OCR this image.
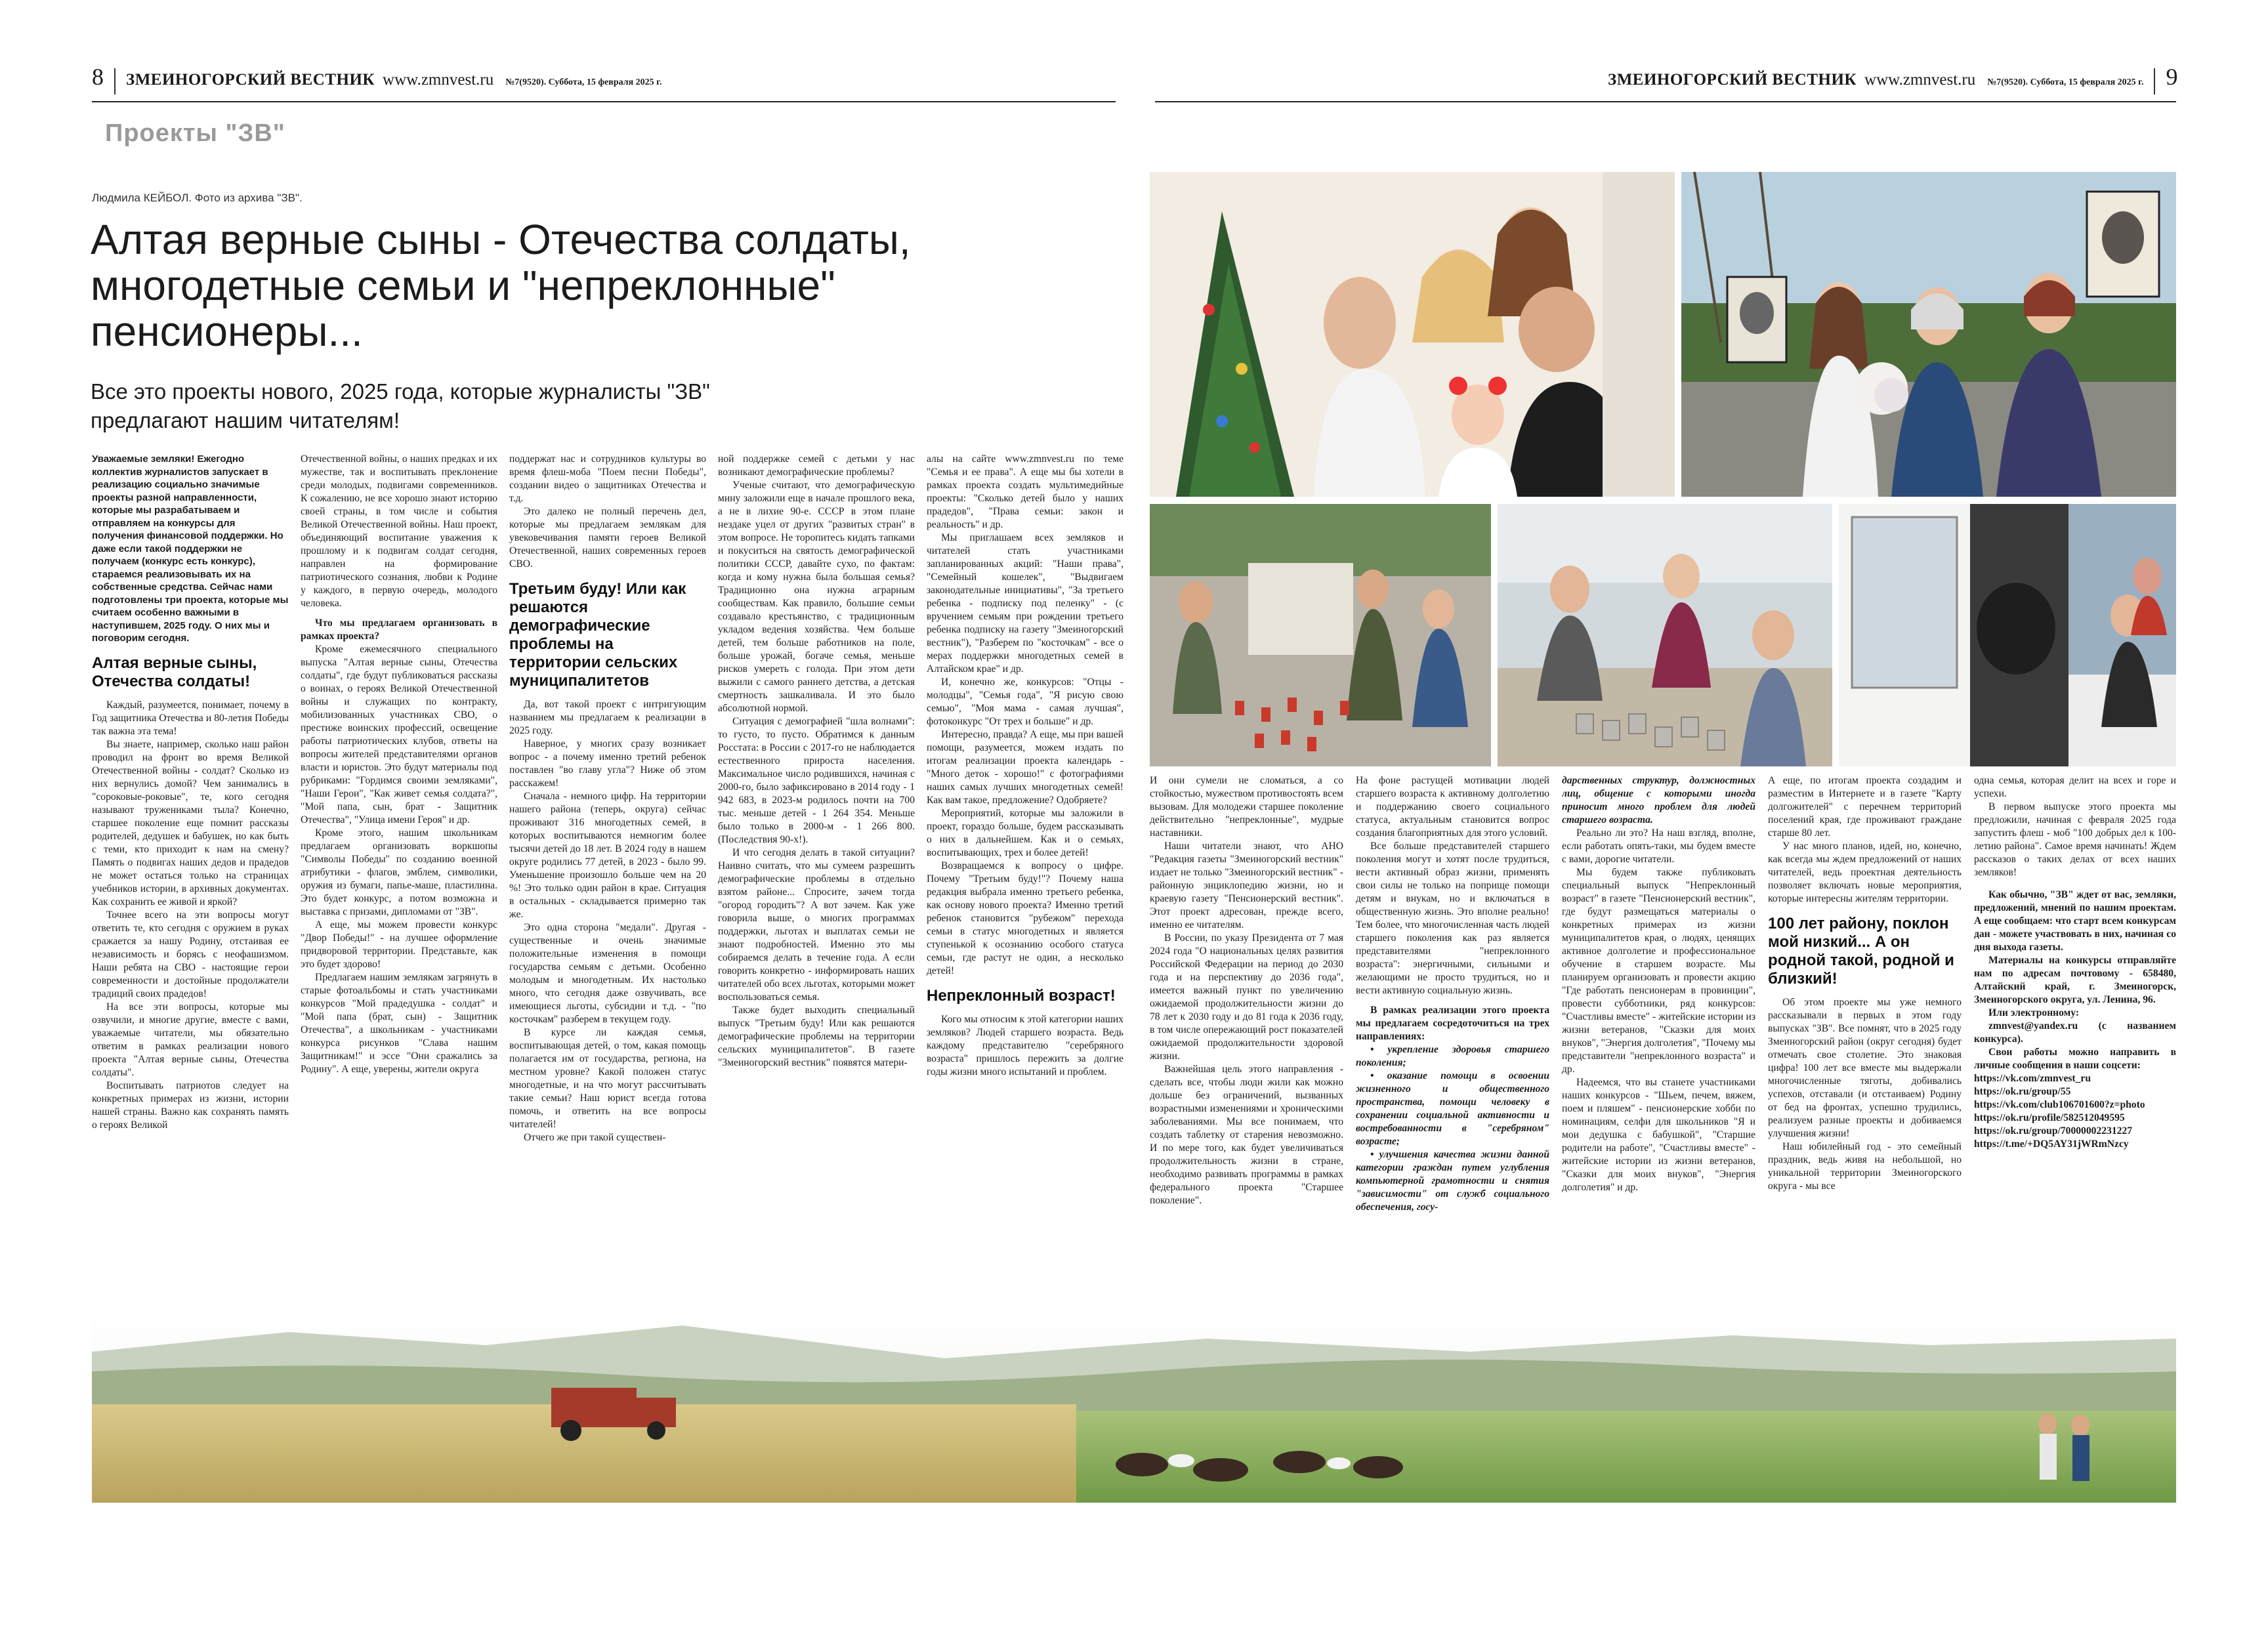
8 ЗМЕИНОГОРСКИЙ ВЕСТНИК www.zmnvest.ru №7(9520). Суббота, 15 февраля 2025 г.	ЗМЕИНОГОРСКИЙ ВЕСТНИК www.zmnvest.ru №7(9520). Суббота, 15 февраля 2025 г. 9
Проекты "ЗВ"
Людмила КЕЙБОЛ. Фото из архива "ЗВ".
Алтая верные сыны - Отечества солдаты, многодетные семьи и "непреклонные" пенсионеры...
Все это проекты нового, 2025 года, которые журналисты "ЗВ" предлагают нашим читателям!

Уважаемые земляки! Ежегодно коллектив журналистов запускает в реализацию социально значимые проекты разной направленности, которые мы разрабатываем и отправляем на конкурсы для получения финансовой поддержки. Но даже если такой поддержки не получаем (конкурс есть конкурс), стараемся реализовывать их на собственные средства. Сейчас нами подготовлены три проекта, которые мы считаем особенно важными в наступившем, 2025 году. О них мы и поговорим сегодня.

Алтая верные сыны, Отечества солдаты!

Каждый, разумеется, понимает, почему в Год защитника Отечества и 80-летия Победы так важна эта тема!

Вы знаете, например, сколько наш район проводил на фронт во время Великой Отечественной войны - солдат? Сколько из них вернулись домой? Чем занимались в "сороковые-роковые", те, кого сегодня называют тружениками тыла? Конечно, старшее поколение еще помнит рассказы родителей, дедушек и бабушек, но как быть с теми, кто приходит к нам на смену? Память о подвигах наших дедов и прадедов не может остаться только на страницах учебников истории, в архивных документах. Как сохранить ее живой и яркой?

Точнее всего на эти вопросы могут ответить те, кто сегодня с оружием в руках сражается за нашу Родину, отстаивая ее независимость и борясь с неофашизмом. Наши ребята на СВО - настоящие герои современности и достойные продолжатели традиций своих прадедов!

На все эти вопросы, которые мы озвучили, и многие другие, вместе с вами, уважаемые читатели, мы обязательно ответим в рамках реализации нового проекта "Алтая верные сыны, Отечества солдаты".

Воспитывать патриотов следует на конкретных примерах из жизни, истории нашей страны. Важно как сохранять память о героях Великой

Отечественной войны, о наших предках и их мужестве, так и воспитывать преклонение среди молодых, подвигами современников. К сожалению, не все хорошо знают историю своей страны, в том числе и события Великой Отечественной войны. Наш проект, объединяющий воспитание уважения к прошлому и к подвигам солдат сегодня, направлен на формирование патриотического сознания, любви к Родине у каждого, в первую очередь, молодого человека.

Что мы предлагаем организовать в рамках проекта?

Кроме ежемесячного специального выпуска "Алтая верные сыны, Отечества солдаты", где будут публиковаться рассказы о воинах, о героях Великой Отечественной войны и служащих по контракту, мобилизованных участниках СВО, о престиже воинских профессий, освещение работы патриотических клубов, ответы на вопросы жителей представителями органов власти и юристов. Это будут материалы под рубриками: "Гордимся своими земляками", "Наши Герои", "Как живет семья солдата?", "Мой папа, сын, брат - Защитник Отечества", "Улица имени Героя" и др.

Кроме этого, нашим школьникам предлагаем организовать воркшопы "Символы Победы" по созданию военной атрибутики - флагов, эмблем, символики, оружия из бумаги, папье-маше, пластилина. Это будет конкурс, а потом возможна и выставка с призами, дипломами от "ЗВ".

А еще, мы можем провести конкурс "Двор Победы!" - на лучшее оформление придворовой территории. Представьте, как это будет здорово!

Предлагаем нашим землякам загрянуть в старые фотоальбомы и стать участниками конкурсов "Мой прадедушка - солдат" и "Мой папа (брат, сын) - Защитник Отечества", а школьникам - участниками конкурса рисунков "Слава нашим Защитникам!" и эссе "Они сражались за Родину". А еще, уверены, жители округа

поддержат нас и сотрудников культуры во время флеш-моба "Поем песни Победы", создании видео о защитниках Отечества и т.д.

Это далеко не полный перечень дел, которые мы предлагаем землякам для увековечивания памяти героев Великой Отечественной, наших современных героев СВО.

Третьим буду! Или как решаются демографические проблемы на территории сельских муниципалитетов

Да, вот такой проект с интригующим названием мы предлагаем к реализации в 2025 году.

Наверное, у многих сразу возникает вопрос - а почему именно третий ребенок поставлен "во главу угла"? Ниже об этом расскажем!

Сначала - немного цифр. На территории нашего района (теперь, округа) сейчас проживают 316 многодетных семей, в которых воспитываются немногим более тысячи детей до 18 лет. В 2024 году в нашем округе родились 77 детей, в 2023 - было 99. Уменьшение произошло больше чем на 20 %! Это только один район в крае. Ситуация в остальных - складывается примерно так же.

Это одна сторона "медали". Другая - существенные и очень значимые положительные изменения в помощи государства семьям с детьми. Особенно молодым и многодетным. Их настолько много, что сегодня даже озвучивать, все имеющиеся льготы, субсидии и т.д. - "по косточкам" разберем в текущем году.

В курсе ли каждая семья, воспитывающая детей, о том, какая помощь полагается им от государства, региона, на местном уровне? Какой положен статус многодетные, и на что могут рассчитывать такие семьи? Наш юрист всегда готова помочь, и ответить на все вопросы читателей!

Отчего же при такой существен-

ной поддержке семей с детьми у нас возникают демографические проблемы?

Ученые считают, что демографическую мину заложили еще в начале прошлого века, а не в лихие 90-е. СССР в этом плане нездаке уцел от других "развитых стран" в этом вопросе. Не торопитесь кидать тапками и покуситься на святость демографической политики СССР, давайте сухо, по фактам: когда и кому нужна была большая семья? Традиционно она нужна аграрным сообществам. Как правило, большие семьи создавало крестьянство, с традиционным укладом ведения хозяйства. Чем больше детей, тем больше работников на поле, больше урожай, богаче семья, меньше рисков умереть с голода. При этом дети выжили с самого раннего детства, а детская смертность зашкаливала. И это было абсолютной нормой.

Ситуация с демографией "шла волнами": то густо, то пусто. Обратимся к данным Росстата: в России с 2017-го не наблюдается естественного прироста населения. Максимальное число родившихся, начиная с 2000-го, было зафиксировано в 2014 году - 1 942 683, в 2023-м родилось почти на 700 тыс. меньше детей - 1 264 354. Меньше было только в 2000-м - 1 266 800. (Последствия 90-х!).

И что сегодня делать в такой ситуации? Наивно считать, что мы сумеем разрешить демографические проблемы в отдельно взятом районе... Спросите, зачем тогда "огород городить"? А вот зачем. Как уже говорила выше, о многих программах поддержки, льготах и выплатах семьи не знают подробностей. Именно это мы собираемся делать в течение года. А если говорить конкретно - информировать наших читателей обо всех льготах, которыми может воспользоваться семья.

Также будет выходить специальный выпуск "Третьим буду! Или как решаются демографические проблемы на территории сельских муниципалитетов". В газете "Змеиногорский вестник" появятся матери-

алы на сайте www.zmnvest.ru по теме "Семья и ее права". А еще мы бы хотели в рамках проекта создать мультимедийные проекты: "Сколько детей было у наших прадедов", "Права семьи: закон и реальность" и др.

Мы приглашаем всех земляков и читателей стать участниками запланированных акций: "Наши права", "Семейный кошелек", "Выдвигаем законодательные инициативы", "За третьего ребенка - подписку под пеленку" - (с вручением семьям при рождении третьего ребенка подписку на газету "Змеиногорский вестник"), "Разберем по "косточкам" - все о мерах поддержки многодетных семей в Алтайском крае" и др.

И, конечно же, конкурсов: "Отцы - молодцы", "Семья года", "Я рисую свою семью", "Моя мама - самая лучшая", фотоконкурс "От трех и больше" и др.

Интересно, правда? А еще, мы при вашей помощи, разумеется, можем издать по итогам реализации проекта календарь - "Много деток - хорошо!" с фотографиями наших самых лучших многодетных семей! Как вам такое, предложение? Одобряете?

Мероприятий, которые мы заложили в проект, гораздо больше, будем рассказывать о них в дальнейшем. Как и о семьях, воспитывающих, трех и более детей!

Возвращаемся к вопросу о цифре. Почему "Третьим буду!"? Почему наша редакция выбрала именно третьего ребенка, как основу нового проекта? Именно третий ребенок становится "рубежом" перехода семьи в статус многодетных и является ступенькой к осознанию особого статуса семьи, где растут не один, а несколько детей!

Непреклонный возраст!

Кого мы относим к этой категории наших земляков? Людей старшего возраста. Ведь каждому представителю "серебряного возраста" пришлось пережить за долгие годы жизни много испытаний и проблем.

И они сумели не сломаться, а со стойкостью, мужеством противостоять всем вызовам. Для молодежи старшее поколение действительно "непреклонные", мудрые наставники.

Наши читатели знают, что АНО "Редакция газеты "Змеиногорский вестник" издает не только "Змеиногорский вестник" - районную энциклопедию жизни, но и краевую газету "Пенсионерский вестник". Этот проект адресован, прежде всего, именно ее читателям.

В России, по указу Президента от 7 мая 2024 года "О национальных целях развития Российской Федерации на период до 2030 года и на перспективу до 2036 года", имеется важный пункт по увеличению ожидаемой продолжительности жизни до 78 лет к 2030 году и до 81 года к 2036 году, в том числе опережающий рост показателей ожидаемой продолжительности здоровой жизни.

Важнейшая цель этого направления - сделать все, чтобы люди жили как можно дольше без ограничений, вызванных возрастными изменениями и хроническими заболеваниями. Мы все понимаем, что создать таблетку от старения невозможно. И по мере того, как будет увеличиваться продолжительность жизни в стране, необходимо развивать программы в рамках федерального проекта "Старшее поколение".

На фоне растущей мотивации людей старшего возраста к активному долголетию и поддержанию своего социального статуса, актуальным становится вопрос создания благоприятных для этого условий.

Все больше представителей старшего поколения могут и хотят после трудиться, вести активный образ жизни, применять свои силы не только на поприще помощи детям и внукам, но и включаться в общественную жизнь. Это вполне реально! Тем более, что многочисленная часть людей старшего поколения как раз является представителями "непреклонного возраста": энергичными, сильными и желающими не просто трудиться, но и вести активную социальную жизнь.

В рамках реализации этого проекта мы предлагаем сосредоточиться на трех направлениях:

• укрепление здоровья старшего поколения;

• оказание помощи в освоении жизненного и общественного пространства, помощи человеку в сохранении социальной активности и востребованности в "серебряном" возрасте;

• улучшения качества жизни данной категории граждан путем углубления компьютерной грамотности и снятия "зависимости" от служб социального обеспечения, госу-

дарственных структур, должностных лиц, общение с которыми иногда приносит много проблем для людей старшего возраста.

Реально ли это? На наш взгляд, вполне, если работать опять-таки, мы будем вместе с вами, дорогие читатели.

Мы будем также публиковать специальный выпуск "Непреклонный возраст" в газете "Пенсионерский вестник", где будут размещаться материалы о конкретных примерах из жизни муниципалитетов края, о людях, ценящих активное долголетие и профессиональное обучение в старшем возрасте. Мы планируем организовать и провести акцию "Где работать пенсионерам в провинции", провести субботники, ряд конкурсов: "Счастливы вместе" - житейские истории из жизни ветеранов, "Сказки для моих внуков", "Энергия долголетия", "Почему мы представители "непреклонного возраста" и др.

Надеемся, что вы станете участниками наших конкурсов - "Шьем, печем, вяжем, поем и пляшем" - пенсионерские хобби по номинациям, селфи для школьников "Я и мои дедушка с бабушкой", "Старшие родители на работе", "Счастливы вместе" - житейские истории из жизни ветеранов, "Сказки для моих внуков", "Энергия долголетия" и др.

А еще, по итогам проекта создадим и разместим в Интернете и в газете "Карту долгожителей" с перечнем территорий поселений края, где проживают граждане старше 80 лет.

У нас много планов, идей, но, конечно, как всегда мы ждем предложений от наших читателей, ведь проектная деятельность позволяет включать новые мероприятия, которые интересны жителям территории.

100 лет району, поклон мой низкий... А он родной такой, родной и близкий!

Об этом проекте мы уже немного рассказывали в первых в этом году выпусках "ЗВ". Все помнят, что в 2025 году Змеиногорский район (округ сегодня) будет отмечать свое столетие. Это знаковая цифра! 100 лет все вместе мы выдержали многочисленные тяготы, добивались успехов, отставали (и отстаиваем) Родину от бед на фронтах, успешно трудились, реализуем разные проекты и добиваемся улучшения жизни!

Наш юбилейный год - это семейный праздник, ведь живя на небольшой, но уникальной территории Змеиногорского округа - мы все

одна семья, которая делит на всех и горе и успехи.

В первом выпуске этого проекта мы предложили, начиная с февраля 2025 года запустить флеш - моб "100 добрых дел к 100-летию района". Самое время начинать! Ждем рассказов о таких делах от всех наших земляков!

Как обычно, "ЗВ" ждет от вас, земляки, предложений, мнений по нашим проектам. А еще сообщаем: что старт всем конкурсам дан - можете участвовать в них, начиная со дня выхода газеты.

Материалы на конкурсы отправляйте нам по адресам почтовому - 658480, Алтайский край, г. Змеиногорск, Змеиногорского округа, ул. Ленина, 96.

Или электронному:

zmnvest@yandex.ru (с названием конкурса).

Свои работы можно направить в личные сообщения в наши соцсети:

https://vk.com/zmnvest_ru

https://ok.ru/group/55

https://vk.com/club106701600?z=photo

https://ok.ru/profile/582512049595

https://ok.ru/group/70000002231227

https://t.me/+DQ5AY31jWRmNzcy
